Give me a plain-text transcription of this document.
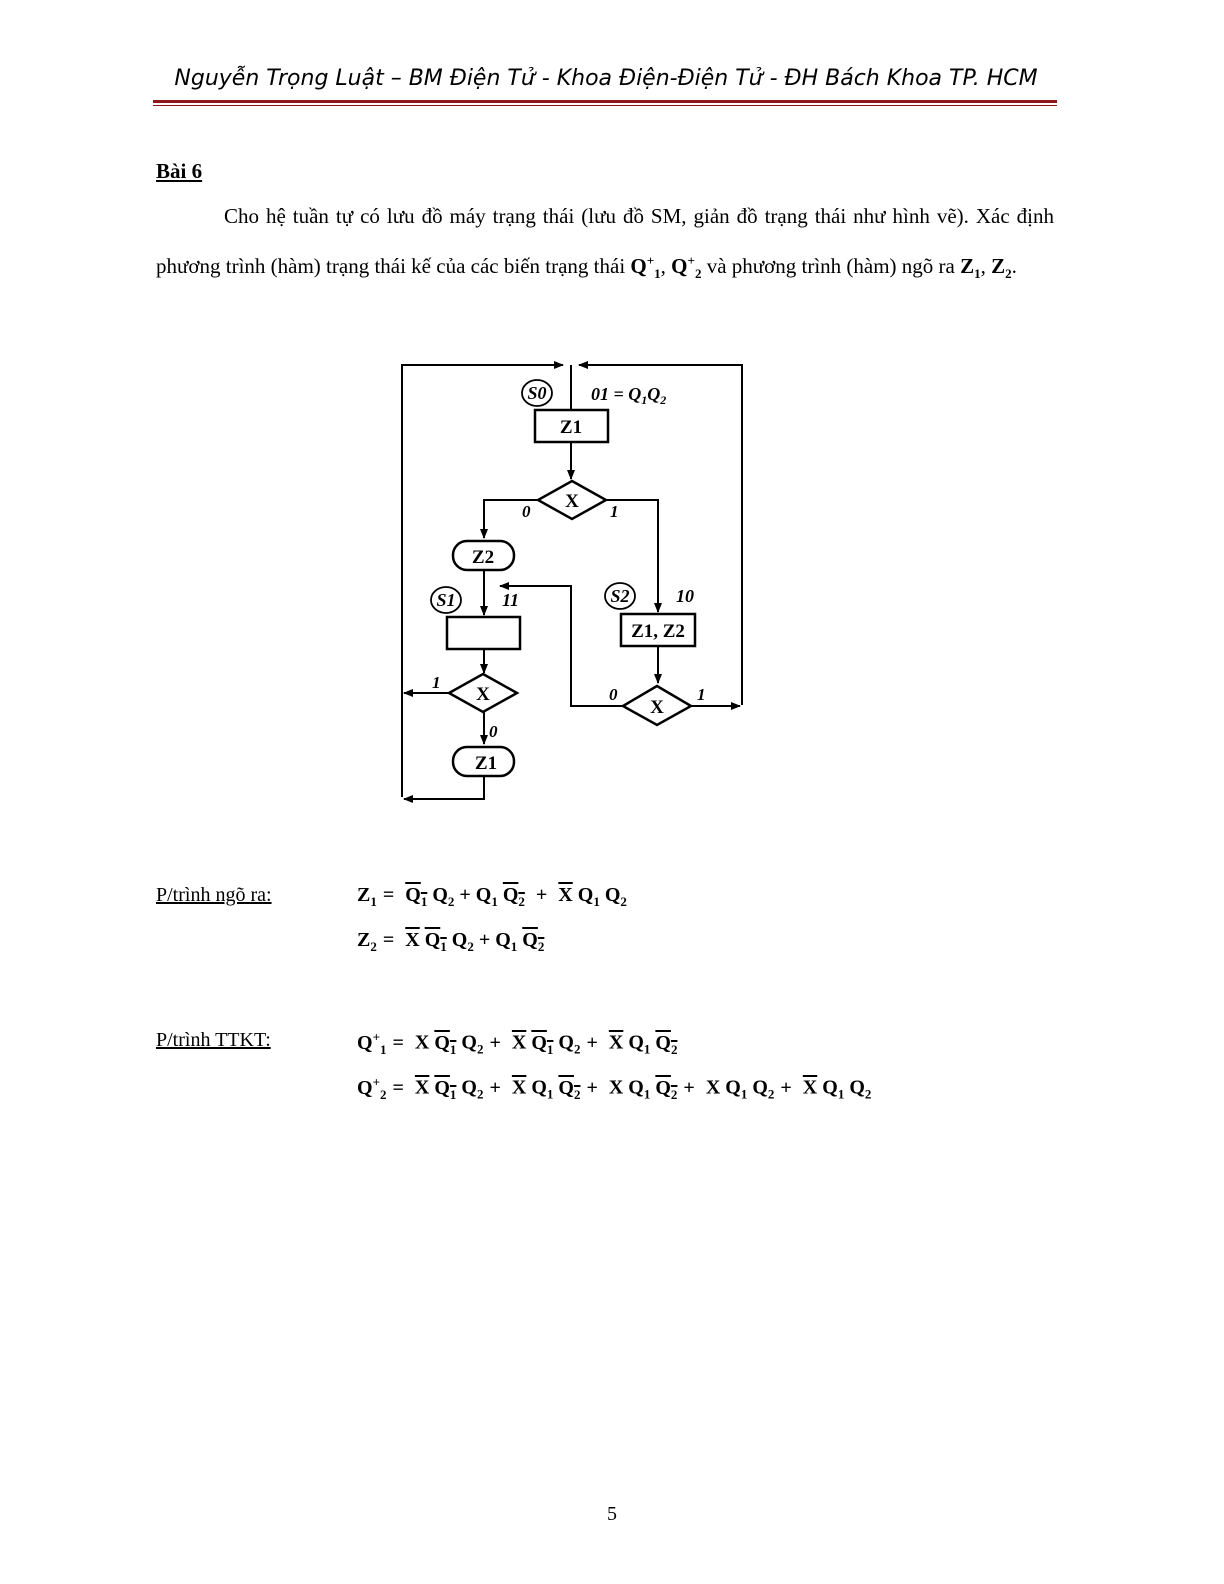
Nguyễn Trọng Luật – BM Điện Tử - Khoa Điện-Điện Tử - ĐH Bách Khoa TP. HCM
Bài 6

Cho hệ tuần tự có lưu đồ máy trạng thái (lưu đồ SM, giản đồ trạng thái như hình vẽ). Xác định phương trình (hàm) trạng thái kế của các biến trạng thái $Q^+_1$, $Q^+_2$ và phương trình (hàm) ngõ ra $Z_1$, $Z_2$.

S0
S1	S2
$01 = Q_1Q_2$
11	10
Z1
Z1, Z2
Z2
Z1
X
X
X
0	1
1
0
0	1
P/trình ngõ ra:	$Z_1 = Q_1$ $Q_2 + Q_1$ $Q_2 + \overline{X}$ $Q_1$ $Q_2$
$Z_2 = \overline{X}$ $Q_1$ $Q_2 + Q_1$ $Q_2$
P/trình TTKT:	$Q^+_1 = X$ $Q_1$ $Q_2 + \overline{X}$ $Q_1$ $Q_2 + \overline{X}$ $Q_1$ $Q_2$
$Q^+_2 = \overline{X}$ $Q_1$ $Q_2 + \overline{X}$ $Q_1$ $Q_2 + X$ $Q_1$ $Q_2 + X$ $Q_1$ $Q_2 + \overline{X}$ $Q_1$ $Q_2$
5
